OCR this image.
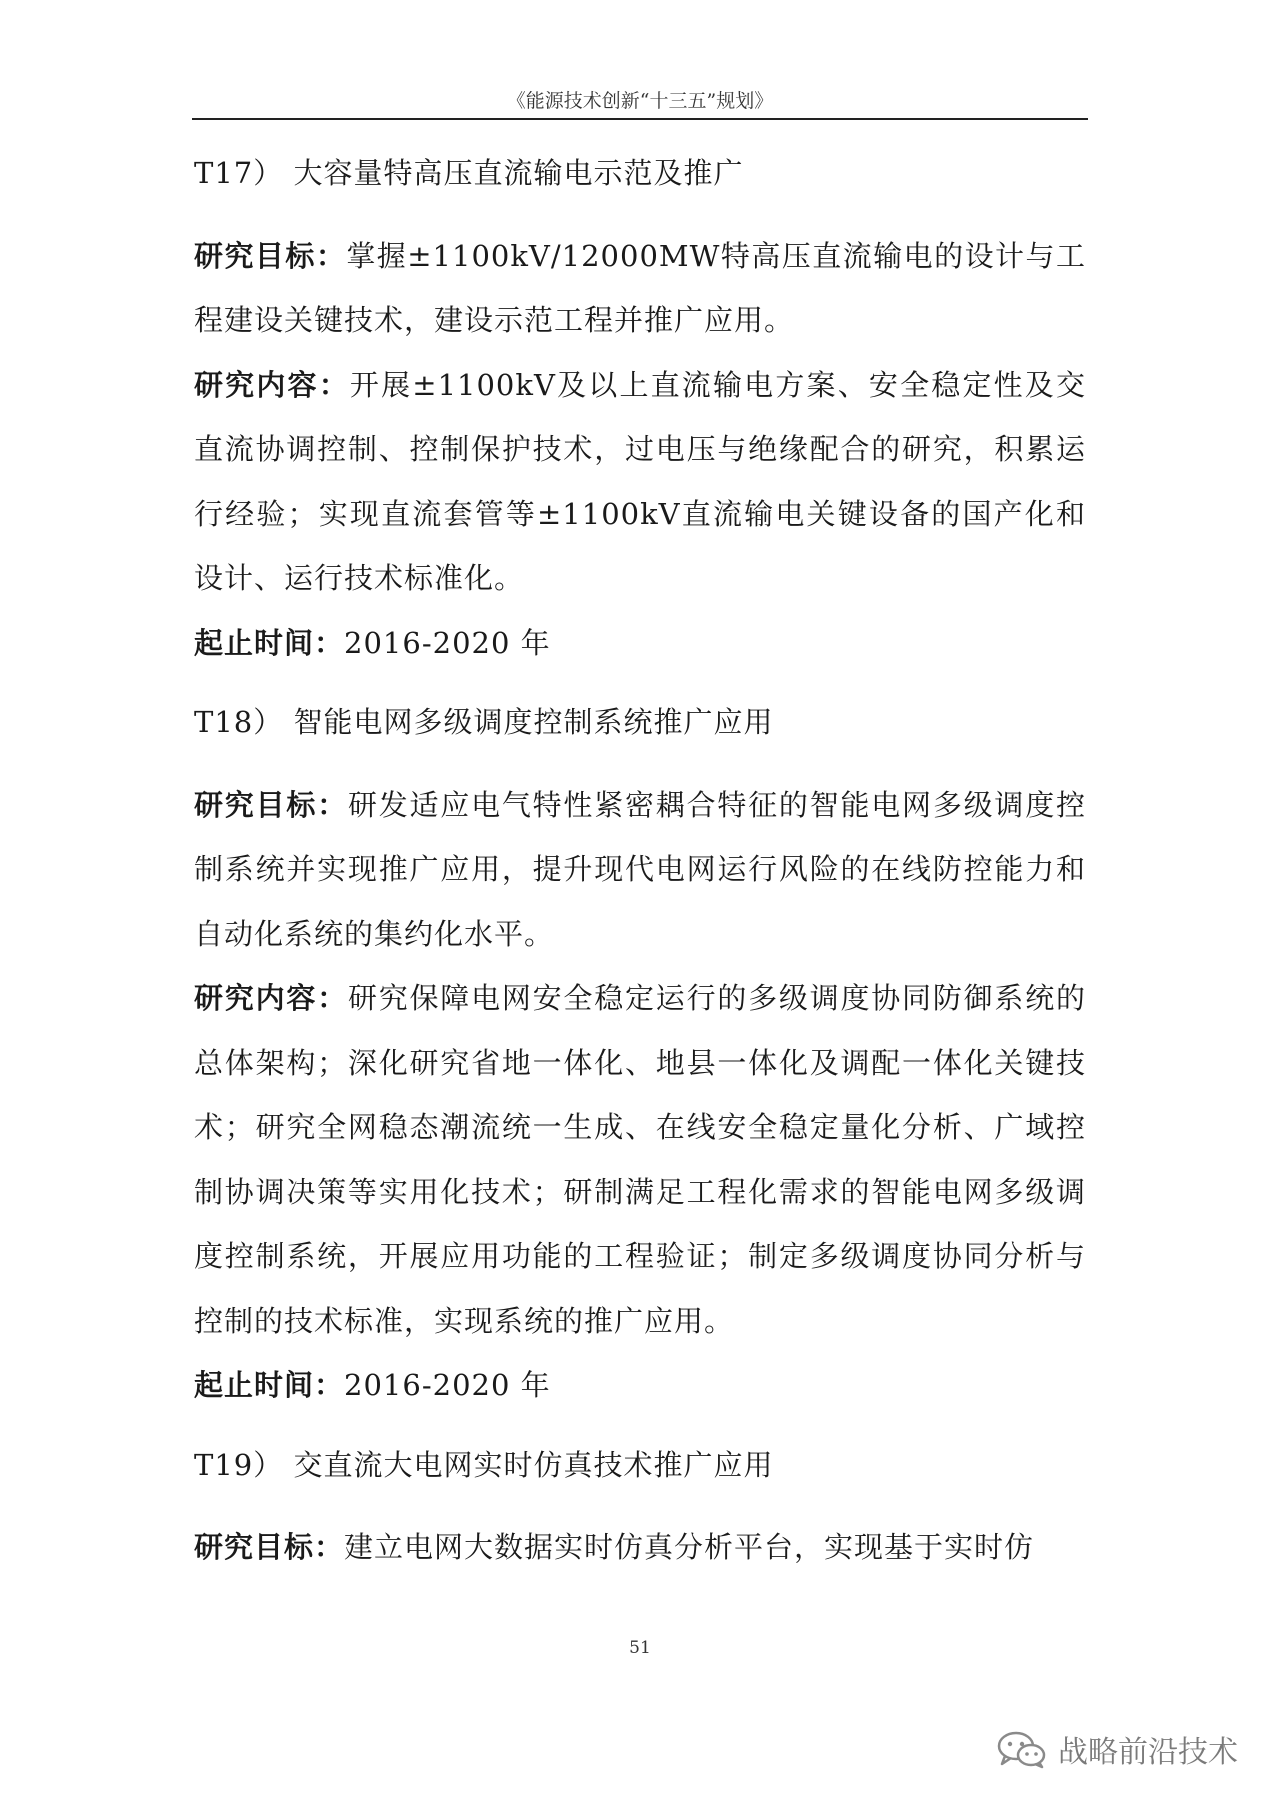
《能源技术创新“十三五”规划》
T17） 大容量特高压直流输电示范及推广

研究目标：掌握±1100kV/12000MW特高压直流输电的设计与工程建设关键技术，建设示范工程并推广应用。

研究内容：开展±1100kV及以上直流输电方案、安全稳定性及交直流协调控制、控制保护技术，过电压与绝缘配合的研究，积累运行经验；实现直流套管等±1100kV直流输电关键设备的国产化和设计、运行技术标准化。

起止时间：2016-2020 年

T18） 智能电网多级调度控制系统推广应用

研究目标：研发适应电气特性紧密耦合特征的智能电网多级调度控制系统并实现推广应用，提升现代电网运行风险的在线防控能力和自动化系统的集约化水平。

研究内容：研究保障电网安全稳定运行的多级调度协同防御系统的总体架构；深化研究省地一体化、地县一体化及调配一体化关键技术；研究全网稳态潮流统一生成、在线安全稳定量化分析、广域控制协调决策等实用化技术；研制满足工程化需求的智能电网多级调度控制系统，开展应用功能的工程验证；制定多级调度协同分析与控制的技术标准，实现系统的推广应用。

起止时间：2016-2020 年

T19） 交直流大电网实时仿真技术推广应用

研究目标：建立电网大数据实时仿真分析平台，实现基于实时仿

51
战略前沿技术
